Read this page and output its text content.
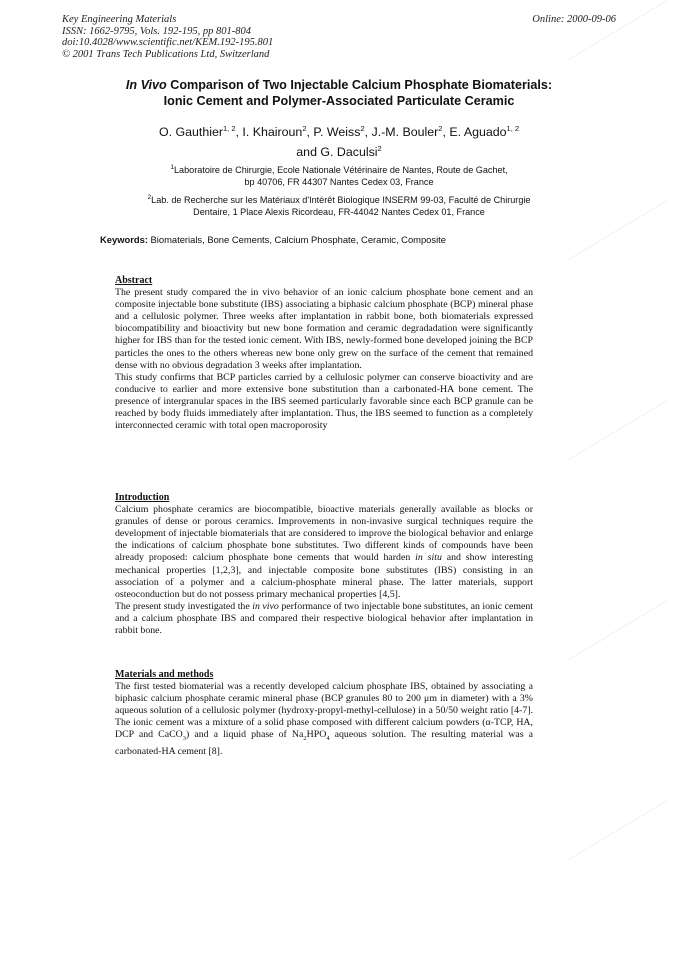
Key Engineering Materials
ISSN: 1662-9795, Vols. 192-195, pp 801-804
doi:10.4028/www.scientific.net/KEM.192-195.801
© 2001 Trans Tech Publications Ltd, Switzerland
Online: 2000-09-06
In Vivo Comparison of Two Injectable Calcium Phosphate Biomaterials:
Ionic Cement and Polymer-Associated Particulate Ceramic
O. Gauthier$^{1, 2}$, I. Khairoun$^2$, P. Weiss$^2$, J.-M. Bouler$^2$, E. Aguado$^{1, 2}$
and G. Daculsi$^2$
$^1$Laboratoire de Chirurgie, Ecole Nationale Vétérinaire de Nantes, Route de Gachet,
bp 40706, FR 44307 Nantes Cedex 03, France
$^2$Lab. de Recherche sur les Matériaux d'Intérêt Biologique INSERM 99-03, Faculté de Chirurgie
Dentaire, 1 Place Alexis Ricordeau, FR-44042 Nantes Cedex 01, France
Keywords: Biomaterials, Bone Cements, Calcium Phosphate, Ceramic, Composite
Abstract

The present study compared the in vivo behavior of an ionic calcium phosphate bone cement and an composite injectable bone substitute (IBS) associating a biphasic calcium phosphate (BCP) mineral phase and a cellulosic polymer. Three weeks after implantation in rabbit bone, both biomaterials expressed biocompatibility and bioactivity but new bone formation and ceramic degradadation were significantly higher for IBS than for the tested ionic cement. With IBS, newly-formed bone developed joining the BCP particles the ones to the others whereas new bone only grew on the surface of the cement that remained dense with no obvious degradation 3 weeks after implantation.

This study confirms that BCP particles carried by a cellulosic polymer can conserve bioactivity and are conducive to earlier and more extensive bone substitution than a carbonated-HA bone cement. The presence of intergranular spaces in the IBS seemed particularly favorable since each BCP granule can be reached by body fluids immediately after implantation. Thus, the IBS seemed to function as a completely interconnected ceramic with total open macroporosity

Introduction

Calcium phosphate ceramics are biocompatible, bioactive materials generally available as blocks or granules of dense or porous ceramics. Improvements in non-invasive surgical techniques require the development of injectable biomaterials that are considered to improve the biological behavior and enlarge the indications of calcium phosphate bone substitutes. Two different kinds of compounds have been already proposed: calcium phosphate bone cements that would harden in situ and show interesting mechanical properties [1,2,3], and injectable composite bone substitutes (IBS) consisting in an association of a polymer and a calcium-phosphate mineral phase. The latter materials, support osteoconduction but do not possess primary mechanical properties [4,5].

The present study investigated the in vivo performance of two injectable bone substitutes, an ionic cement and a calcium phosphate IBS and compared their respective biological behavior after implantation in rabbit bone.

Materials and methods

The first tested biomaterial was a recently developed calcium phosphate IBS, obtained by associating a biphasic calcium phosphate ceramic mineral phase (BCP granules 80 to 200 μm in diameter) with a 3% aqueous solution of a cellulosic polymer (hydroxy-propyl-methyl-cellulose) in a 50/50 weight ratio [4-7]. The ionic cement was a mixture of a solid phase composed with different calcium powders (α-TCP, HA, DCP and CaCO$_3$) and a liquid phase of $Na_2HPO_4$ aqueous solution. The resulting material was a carbonated-HA cement [8].
